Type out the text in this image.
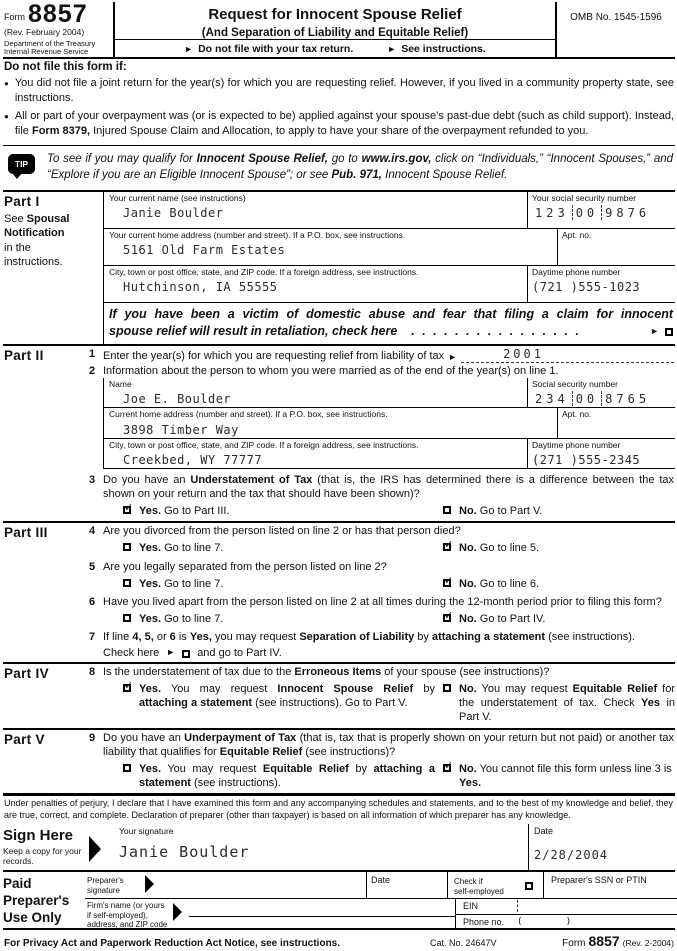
Form 8857
(Rev. February 2004)
Department of the Treasury
Internal Revenue Service
Request for Innocent Spouse Relief
(And Separation of Liability and Equitable Relief)
► Do not file with your tax return.	► See instructions.
OMB No. 1545-1596
Do not file this form if:
● You did not file a joint return for the year(s) for which you are requesting relief. However, if you lived in a community property state, see instructions.
● All or part of your overpayment was (or is expected to be) applied against your spouse’s past-due debt (such as child support). Instead, file Form 8379, Injured Spouse Claim and Allocation, to apply to have your share of the overpayment refunded to you.
TIP	To see if you may qualify for Innocent Spouse Relief, go to www.irs.gov, click on “Individuals,” “Innocent Spouses,” and “Explore if you are an Eligible Innocent Spouse”; or see Pub. 971, Innocent Spouse Relief.
Part I
See Spousal
Notification
in the
instructions.
Your current name (see instructions)
Janie Boulder
Your social security number
123 00 9876
Your current home address (number and street). If a P.O. box, see instructions.
5161 Old Farm Estates
Apt. no.
City, town or post office, state, and ZIP code. If a foreign address, see instructions.
Hutchinson, IA 55555
Daytime phone number
(721 )555-1023
If you have been a victim of domestic abuse and fear that filing a claim for innocent
spouse relief will result in retaliation, check here	. . . . . . . . . . . . . . . .	►
Part II	1 Enter the year(s) for which you are requesting relief from liability of tax ►	2001
2 Information about the person to whom you were married as of the end of the year(s) on line 1.
Name
Joe E. Boulder
Social security number
234 00 8765
Current home address (number and street). If a P.O. box, see instructions.
3898 Timber Way
Apt. no.
City, town or post office, state, and ZIP code. If a foreign address, see instructions.
Creekbed, WY 77777
Daytime phone number
(271 )555-2345
3 Do you have an Understatement of Tax (that is, the IRS has determined there is a difference between the tax shown on your return and the tax that should have been shown)?
✓ Yes. Go to Part III.	No. Go to Part V.
Part III	4 Are you divorced from the person listed on line 2 or has that person died?
Yes. Go to line 7.	✓ No. Go to line 5.
5 Are you legally separated from the person listed on line 2?
Yes. Go to line 7.	✓ No. Go to line 6.
6 Have you lived apart from the person listed on line 2 at all times during the 12-month period prior to filing this form?
Yes. Go to line 7.	✓ No. Go to Part IV.
7 If line 4, 5, or 6 is Yes, you may request Separation of Liability by attaching a statement (see instructions).
Check here ► and go to Part IV.
Part IV	8 Is the understatement of tax due to the Erroneous Items of your spouse (see instructions)?
✓ Yes. You may request Innocent Spouse Relief by attaching a statement (see instructions). Go to Part V.
No. You may request Equitable Relief for the understatement of tax. Check Yes in Part V.
Part V	9 Do you have an Underpayment of Tax (that is, tax that is properly shown on your return but not paid) or another tax liability that qualifies for Equitable Relief (see instructions)?
Yes. You may request Equitable Relief by attaching a statement (see instructions).
✓ No. You cannot file this form unless line 3 is Yes.
Under penalties of perjury, I declare that I have examined this form and any accompanying schedules and statements, and to the best of my knowledge and belief, they are true, correct, and complete. Declaration of preparer (other than taxpayer) is based on all information of which preparer has any knowledge.
Sign Here
Keep a copy for your records.
Your signature
Janie Boulder
Date
2/28/2004
Paid
Preparer's
Use Only
Preparer's
signature
Date	Check if
self-employed
Preparer's SSN or PTIN
Firm's name (or yours
if self-employed),
address, and ZIP code
EIN
Phone no. (        )
For Privacy Act and Paperwork Reduction Act Notice, see instructions.	Cat. No. 24647V	Form 8857 (Rev. 2-2004)
